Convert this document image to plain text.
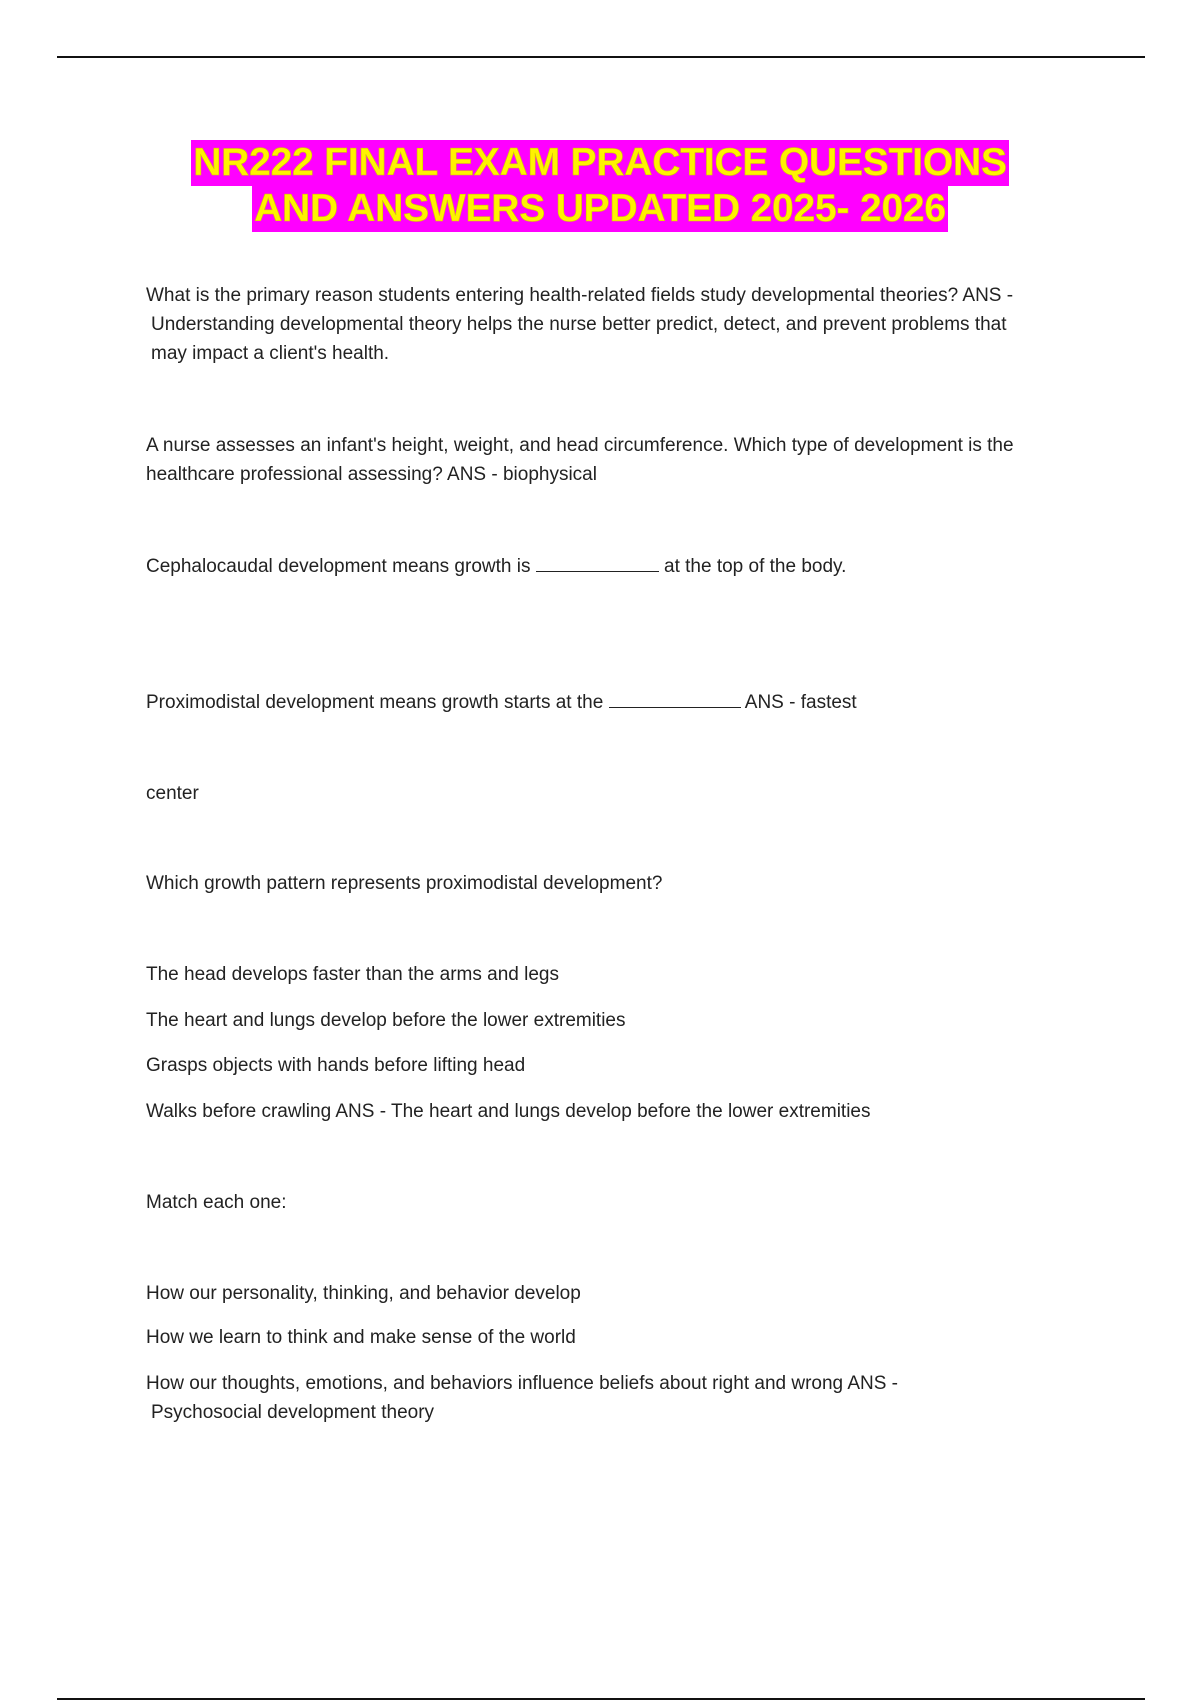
NR222 FINAL EXAM PRACTICE QUESTIONS
AND ANSWERS UPDATED 2025- 2026

What is the primary reason students entering health-related fields study developmental theories? ANS -
Understanding developmental theory helps the nurse better predict, detect, and prevent problems that
may impact a client's health.

A nurse assesses an infant's height, weight, and head circumference. Which type of development is the
healthcare professional assessing? ANS - biophysical

Cephalocaudal development means growth is	at the top of the body.

Proximodistal development means growth starts at the	ANS - fastest

center

Which growth pattern represents proximodistal development?

The head develops faster than the arms and legs

The heart and lungs develop before the lower extremities

Grasps objects with hands before lifting head

Walks before crawling ANS - The heart and lungs develop before the lower extremities

Match each one:

How our personality, thinking, and behavior develop

How we learn to think and make sense of the world

How our thoughts, emotions, and behaviors influence beliefs about right and wrong ANS -
Psychosocial development theory
